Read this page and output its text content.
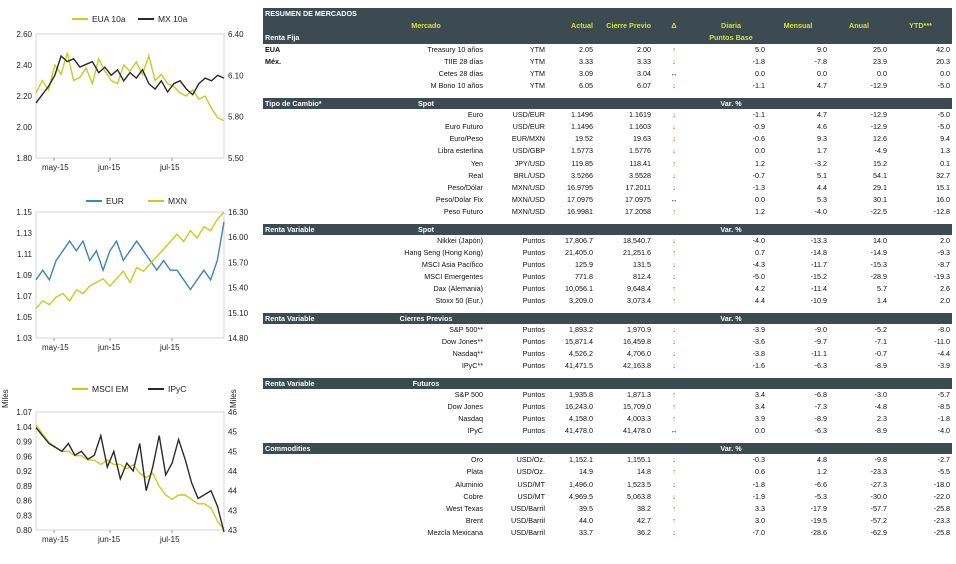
EUA 10a	MX 10a
2.60
2.40
2.20
2.00
1.80
6.40
6.10
5.80
5.50
may-15	jun-15	jul-15
EUR	MXN
1.15
1.13
1.11
1.09
1.07
1.05
1.03
16.30
16.00
15.70
15.40
15.10
14.80
may-15	jun-15	jul-15
MSCI EM	IPyC
1.07
1.04
0.99
0.96
0.92
0.89
0.86
0.83
0.80
46
45
45
44
44
43
43
Miles	Miles
may-15	jun-15	jul-15
RESUMEN DE MERCADOS									
	Mercado		Actual	Cierre Previo	Δ	Diaria	Mensual	Anual	YTD***
Renta Fija						Puntos Base			
EUA	Treasury 10 años	YTM	2.05	2.00	↑	5.0	9.0	25.0	42.0
Méx.	TIIE 28 días	YTM	3.33	3.33	↓	-1.8	-7.8	23.9	20.3
	Cetes 28 días	YTM	3.09	3.04	↔	0.0	0.0	0.0	0.0
	M Bono 10 años	YTM	6.05	6.07	↓	-1.1	4.7	-12.9	-5.0

Tipo de Cambio*	Spot					Var. %			
	Euro	USD/EUR	1.1496	1.1619	↓	-1.1	4.7	-12.9	-5.0
	Euro Futuro	USD/EUR	1.1496	1.1603	↓	-0.9	4.6	-12.9	-5.0
	Euro/Peso	EUR/MXN	19.52	19.63	↓	-0.6	9.3	12.6	9.4
	Libra esterlina	USD/GBP	1.5773	1.5776	↓	0.0	1.7	-4.9	1.3
	Yen	JPY/USD	119.85	118.41	↑	1.2	-3.2	15.2	0.1
	Real	BRL/USD	3.5266	3.5528	↓	-0.7	5.1	54.1	32.7
	Peso/Dólar	MXN/USD	16.9795	17.2011	↓	-1.3	4.4	29.1	15.1
	Peso/Dólar Fix	MXN/USD	17.0975	17.0975	↔	0.0	5.3	30.1	16.0
	Peso Futuro	MXN/USD	16.9981	17.2058	↑	1.2	-4.0	-22.5	-12.8

Renta Variable	Spot					Var. %			
	Nikkei (Japón)	Puntos	17,806.7	18,540.7	↓	-4.0	-13.3	14.0	2.0
	Hang Seng (Hong Kong)	Puntos	21,405.0	21,251.6	↑	0.7	-14.8	-14.9	-9.3
	MSCI Asia Pacífico	Puntos	125.9	131.5	↓	-4.3	-11.7	-15.3	-8.7
	MSCI Emergentes	Puntos	771.8	812.4	↓	-5.0	-15.2	-28.9	-19.3
	Dax (Alemania)	Puntos	10,056.1	9,648.4	↑	4.2	-11.4	5.7	2.6
	Stoxx 50 (Eur.)	Puntos	3,209.0	3,073.4	↑	4.4	-10.9	1.4	2.0

Renta Variable	Cierres Previos					Var. %			
	S&P 500**	Puntos	1,893.2	1,970.9	↓	-3.9	-9.0	-5.2	-8.0
	Dow Jones**	Puntos	15,871.4	16,459.8	↓	-3.6	-9.7	-7.1	-11.0
	Nasdaq**	Puntos	4,526.2	4,706.0	↓	-3.8	-11.1	-0.7	-4.4
	IPyC**	Puntos	41,471.5	42,163.8	↓	-1.6	-6.3	-8.9	-3.9

Renta Variable	Futuros								
	S&P 500	Puntos	1,935.8	1,871.3	↑	3.4	-6.8	-3.0	-5.7
	Dow Jones	Puntos	16,243.0	15,709.0	↑	3.4	-7.3	-4.8	-8.5
	Nasdaq	Puntos	4,158.0	4,003.3	↑	3.9	-8.9	2.3	-1.8
	IPyC	Puntos	41,478.0	41,478.0	↔	0.0	-6.3	-8.9	-4.0

Commodities						Var. %			
	Oro	USD/Oz.	1,152.1	1,155.1	↓	-0.3	4.8	-9.8	-2.7
	Plata	USD/Oz.	14.9	14.8	↑	0.6	1.2	-23.3	-5.5
	Aluminio	USD/MT	1,496.0	1,523.5	↓	-1.8	-6.6	-27.3	-18.0
	Cobre	USD/MT	4,969.5	5,063.8	↓	-1.9	-5.3	-30.0	-22.0
	West Texas	USD/Barril	39.5	38.2	↑	3.3	-17.9	-57.7	-25.8
	Brent	USD/Barril	44.0	42.7	↑	3.0	-19.5	-57.2	-23.3
	Mezcla Mexicana	USD/Barril	33.7	36.2	↓	-7.0	-28.6	-62.9	-25.8
